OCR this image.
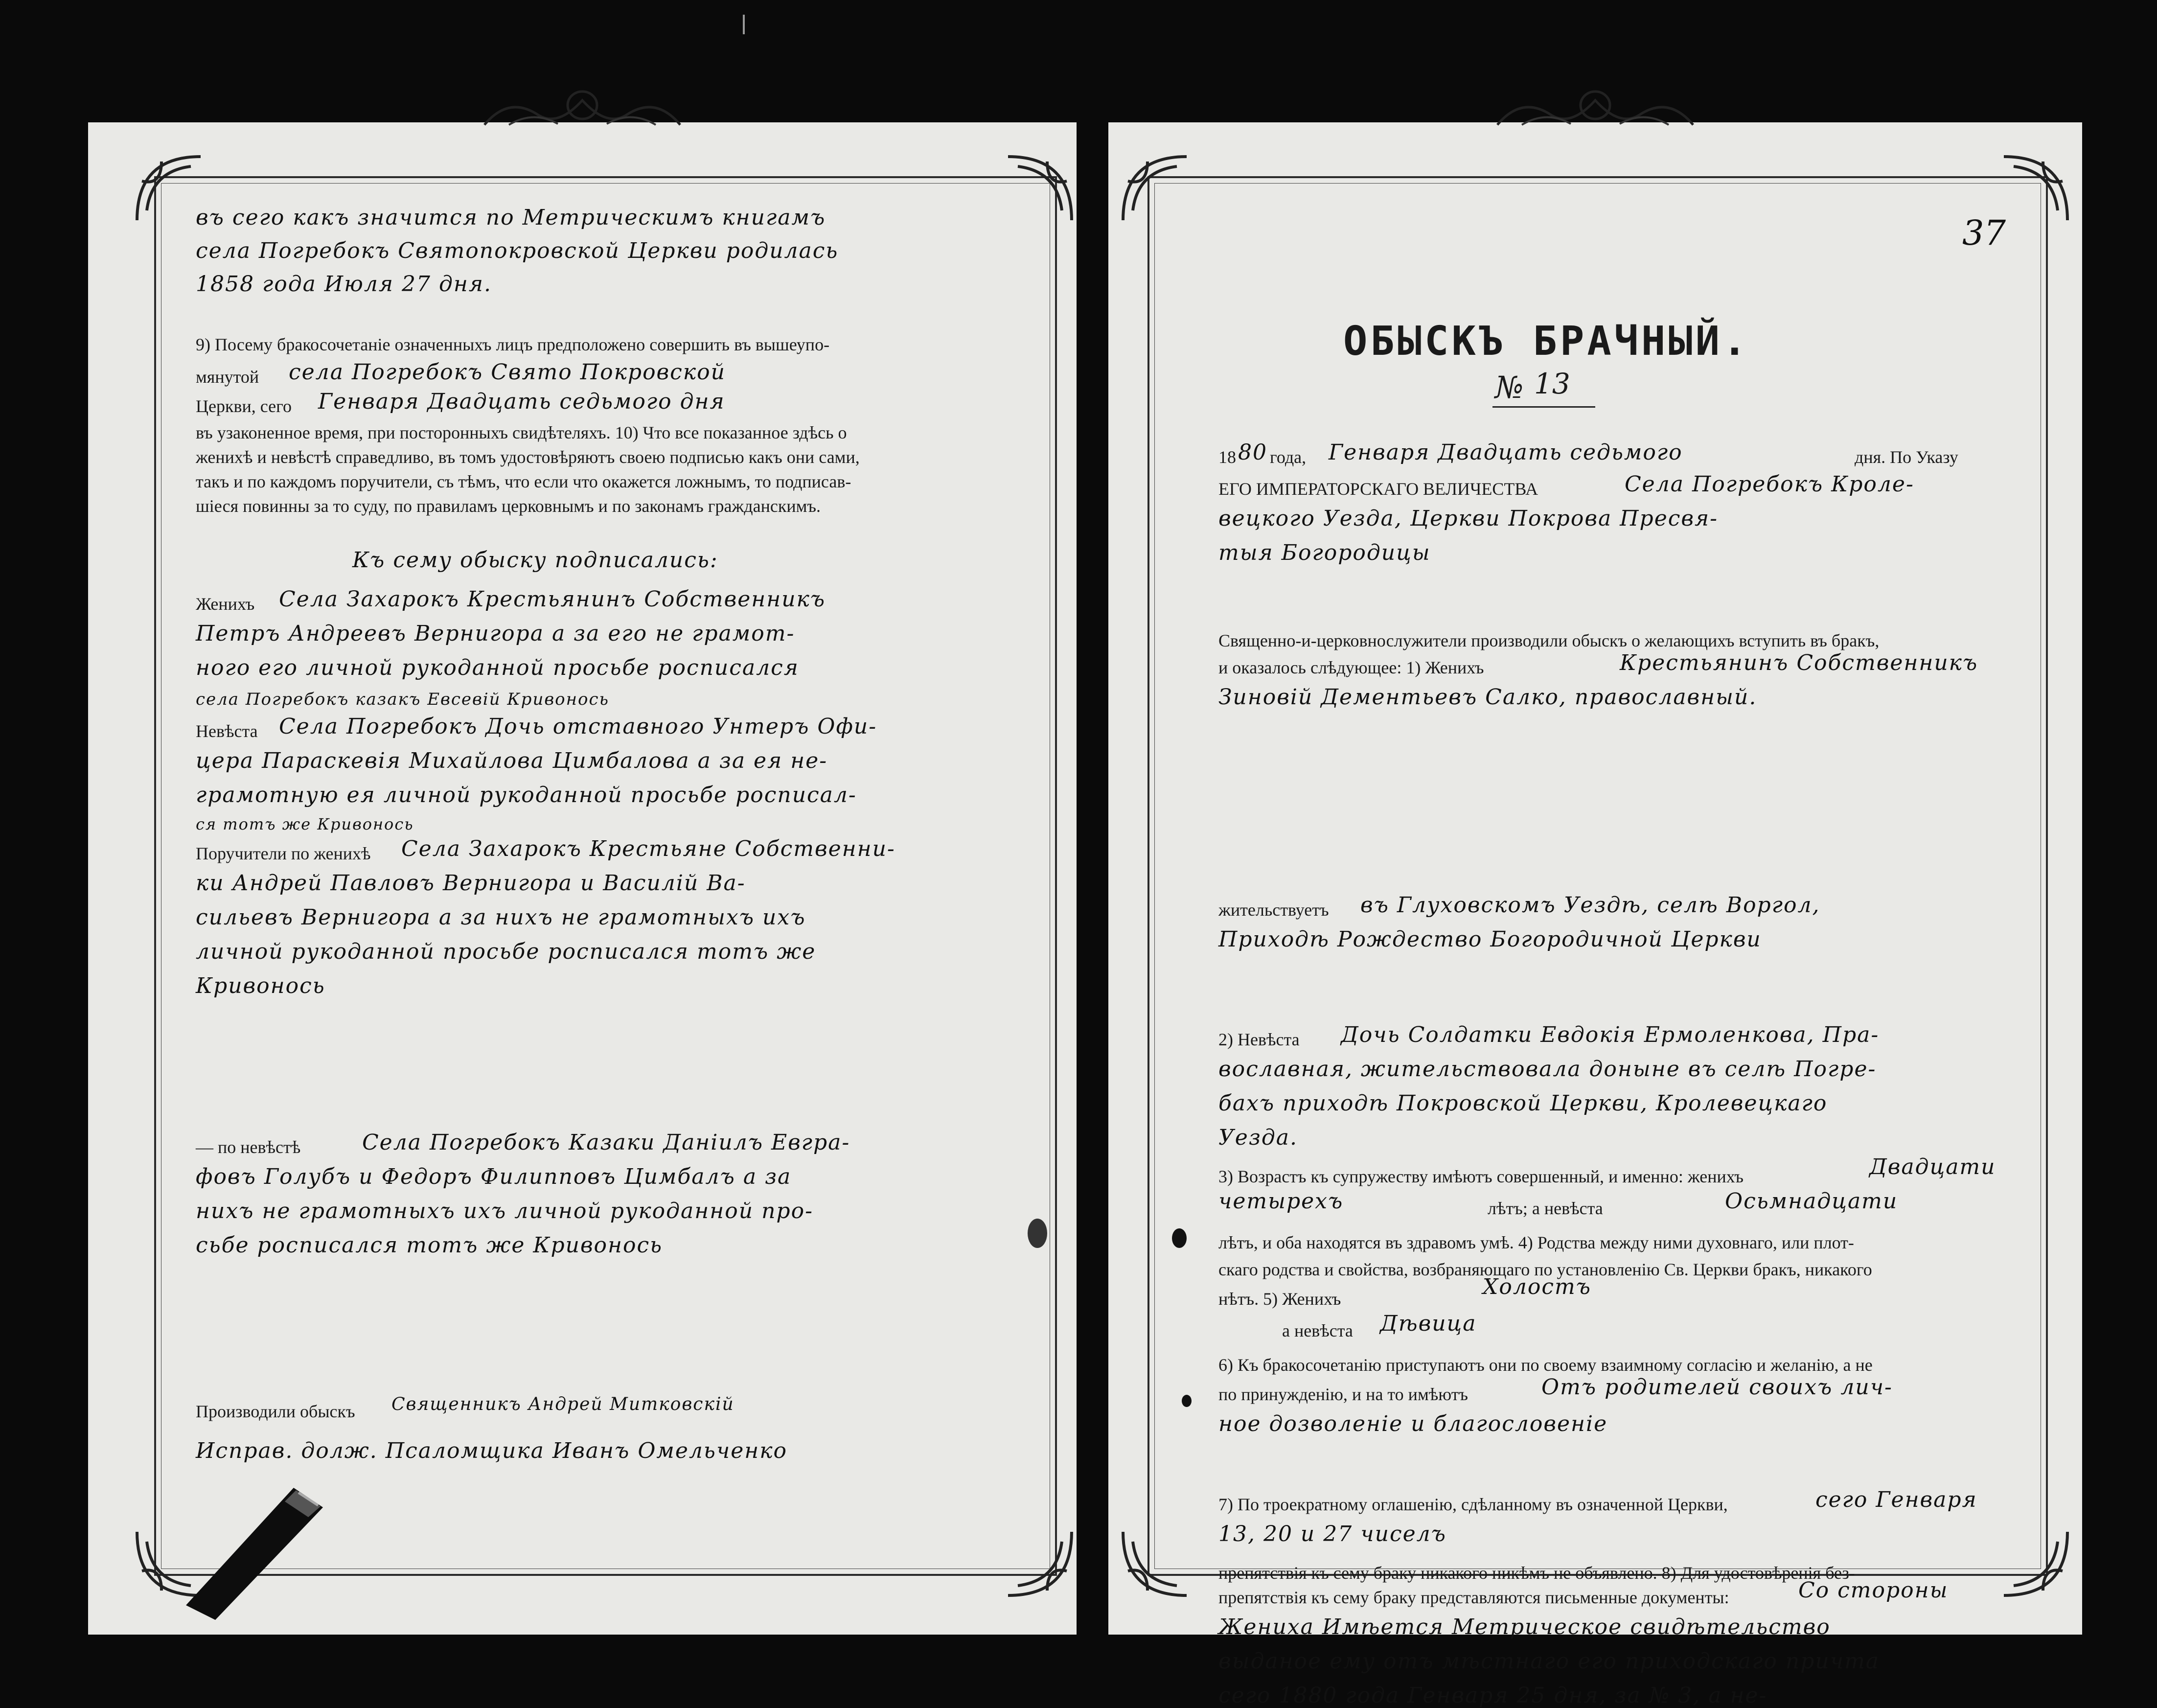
въ сего какъ значится по Метрическимъ книгамъ
села Погребокъ Святопокровской Церкви родилась
1858 года Июля 27 дня.
9) Посему бракосочетаніе означенныхъ лицъ предположено совершить въ вышеупо-
мянутой села Погребокъ Свято Покровской
Церкви, сего Генваря Двадцать седьмого дня
въ узаконенное время, при посторонныхъ свидѣтеляхъ. 10) Что все показанное здѣсь о
женихѣ и невѣстѣ справедливо, въ томъ удостовѣряютъ своею подписью какъ они сами,
такъ и по каждомъ поручители, съ тѣмъ, что если что окажется ложнымъ, то подписав-
шіеся повинны за то суду, по правиламъ церковнымъ и по законамъ гражданскимъ.
Къ сему обыску подписались:
Женихъ Села Захарокъ Крестьянинъ Собственникъ
Петръ Андреевъ Вернигора а за его не грамот-
ного его личной рукоданной просьбе росписался
села Погребокъ казакъ Евсевій Кривонось
Невѣста Села Погребокъ Дочь отставного Унтеръ Офи-
цера Параскевія Михайлова Цимбалова а за ея не-
грамотную ея личной рукоданной просьбе росписал-
ся тотъ же Кривонось
Поручители по женихѣ Села Захарокъ Крестьяне Собственни-
ки Андрей Павловъ Вернигора и Василій Ва-
сильевъ Вернигора а за нихъ не грамотныхъ ихъ
личной рукоданной просьбе росписался тотъ же
Кривонось
— по невѣстѣ	Села Погребокъ Казаки Даніилъ Евгра-
фовъ Голубъ и Федоръ Филипповъ Цимбалъ а за
нихъ не грамотныхъ ихъ личной рукоданной про-
сьбе росписался тотъ же Кривонось
Производили обыскъ Священникъ Андрей Митковскій
Исправ. долж. Псаломщика Иванъ Омельченко
37
ОБЫСКЪ БРАЧНЫЙ.
№ 13
18 80 года, Генваря Двадцать седьмого	дня. По Указу
ЕГО ИМПЕРАТОРСКАГО ВЕЛИЧЕСТВА	Села Погребокъ Кроле-
вецкого Уезда, Церкви Покрова Пресвя-
тыя Богородицы
Священно-и-церковнослужители производили обыскъ о желающихъ вступить въ бракъ,
и оказалось слѣдующее: 1) Женихъ	Крестьянинъ Собственникъ
Зиновій Дементьевъ Салко, православный.
жительствуетъ въ Глуховскомъ Уездѣ, селѣ Воргол,
Приходѣ Рождество Богородичной Церкви
2) Невѣста Дочь Солдатки Евдокія Ермоленкова, Пра-
вославная, жительствовала доныне въ селѣ Погре-
бахъ приходѣ Покровской Церкви, Кролевецкаго
Уезда.
3) Возрастъ къ супружеству имѣютъ совершенный, и именно: женихъ	Двадцати
четырехъ	лѣтъ; а невѣста	Осьмнадцати
лѣтъ, и оба находятся въ здравомъ умѣ. 4) Родства между ними духовнаго, или плот-
скаго родства и свойства, возбраняющаго по установленію Св. Церкви бракъ, никакого
нѣтъ. 5) Женихъ	Холостъ
а невѣста Дѣвица
6) Къ бракосочетанію приступаютъ они по своему взаимному согласію и желанію, а не
по принужденію, и на то имѣютъ	Отъ родителей своихъ лич-
ное дозволеніе и благословеніе
7) По троекратному оглашенію, сдѣланному въ означенной Церкви,	сего Генваря
13, 20 и 27 чиселъ
препятствія къ сему браку никакого никѣмъ не объявлено. 8) Для удостовѣренія без-
препятствія къ сему браку представляются письменные документы:	Со стороны
Жениха Имѣется Метрическое свидѣтельство
выданое ему отъ мѣстнаго его приходскаго причта
сего 1880 года Генваря 25 дня, за № 3, а не-
